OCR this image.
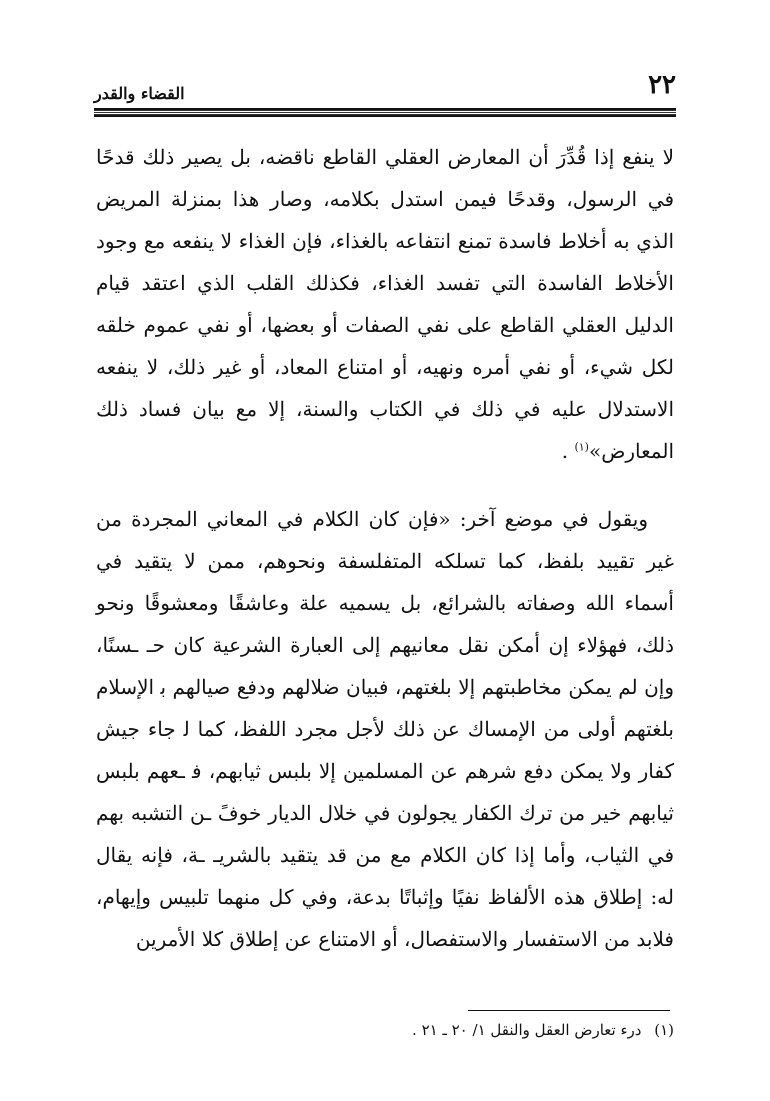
٢٢
القضاء والقدر

لا ينفع إذا قُدِّرَ أن المعارض العقلي القاطع ناقضه، بل يصير ذلك قدحًا في الرسول، وقدحًا فيمن استدل بكلامه، وصار هذا بمنزلة المريض الذي به أخلاط فاسدة تمنع انتفاعه بالغذاء، فإن الغذاء لا ينفعه مع وجود الأخلاط الفاسدة التي تفسد الغذاء، فكذلك القلب الذي اعتقد قيام الدليل العقلي القاطع على نفي الصفات أو بعضها، أو نفي عموم خلقه لكل شيء، أو نفي أمره ونهيه، أو امتناع المعاد، أو غير ذلك، لا ينفعه الاستدلال عليه في ذلك في الكتاب والسنة، إلا مع بيان فساد ذلك المعارض»$^{(١)}$ .

ويقول في موضع آخر: «فإن كان الكلام في المعاني المجردة من غير تقييد بلفظ، كما تسلكه المتفلسفة ونحوهم، ممن لا يتقيد في أسماء الله وصفاته بالشرائع، بل يسميه علة وعاشقًا ومعشوقًا ونحو ذلك، فهؤلاء إن أمكن نقل معانيهم إلى العبارة الشرعية كان حـ ـسنًا، وإن لم يمكن مخاطبتهم إلا بلغتهم، فبيان ضلالهم ودفع صيالهم ﺑ الإسلام بلغتهم أولى من الإمساك عن ذلك لأجل مجرد اللفظ، كما ﻟ جاء جيش كفار ولا يمكن دفع شرهم عن المسلمين إلا بلبس ثيابهم، ﻓ ـعهم بلبس ثيابهم خير من ترك الكفار يجولون في خلال الديار خوفً ـن التشبه بهم في الثياب، وأما إذا كان الكلام مع من قد يتقيد بالشريـ ـة، فإنه يقال له: إطلاق هذه الألفاظ نفيًا وإثباتًا بدعة، وفي كل منهما تلبيس وإيهام، فلابد من الاستفسار والاستفصال، أو الامتناع عن إطلاق كلا الأمرين

(١) درء تعارض العقل والنقل ١/ ٢٠ ـ ٢١ .
